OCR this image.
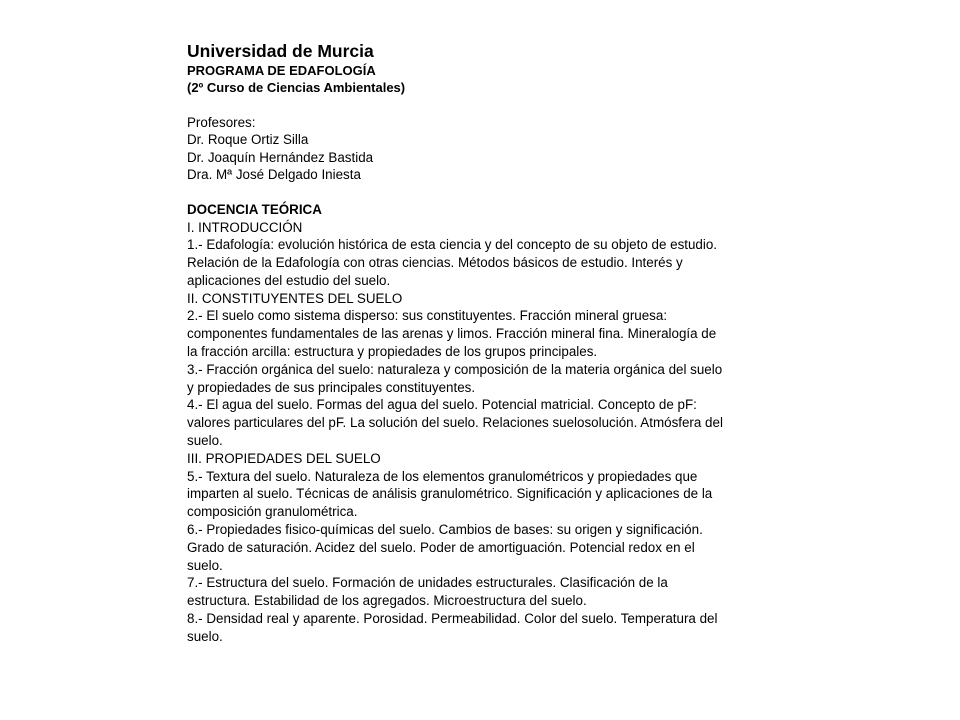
Universidad de Murcia

PROGRAMA DE EDAFOLOGÍA

(2º Curso de Ciencias Ambientales)

Profesores:

Dr. Roque Ortiz Silla

Dr. Joaquín Hernández Bastida

Dra. Mª José Delgado Iniesta

DOCENCIA TEÓRICA

I. INTRODUCCIÓN

1.- Edafología: evolución histórica de esta ciencia y del concepto de su objeto de estudio. Relación de la Edafología con otras ciencias. Métodos básicos de estudio. Interés y aplicaciones del estudio del suelo.

II. CONSTITUYENTES DEL SUELO

2.- El suelo como sistema disperso: sus constituyentes. Fracción mineral gruesa: componentes fundamentales de las arenas y limos. Fracción mineral fina. Mineralogía de la fracción arcilla: estructura y propiedades de los grupos principales.

3.- Fracción orgánica del suelo: naturaleza y composición de la materia orgánica del suelo y propiedades de sus principales constituyentes.

4.- El agua del suelo. Formas del agua del suelo. Potencial matricial. Concepto de pF: valores particulares del pF. La solución del suelo. Relaciones suelosolución. Atmósfera del suelo.

III. PROPIEDADES DEL SUELO

5.- Textura del suelo. Naturaleza de los elementos granulométricos y propiedades que imparten al suelo. Técnicas de análisis granulométrico. Significación y aplicaciones de la composición granulométrica.

6.- Propiedades fisico-químicas del suelo. Cambios de bases: su origen y significación. Grado de saturación. Acidez del suelo. Poder de amortiguación. Potencial redox en el suelo.

7.- Estructura del suelo. Formación de unidades estructurales. Clasificación de la estructura. Estabilidad de los agregados. Microestructura del suelo.

8.- Densidad real y aparente. Porosidad. Permeabilidad. Color del suelo. Temperatura del suelo.
